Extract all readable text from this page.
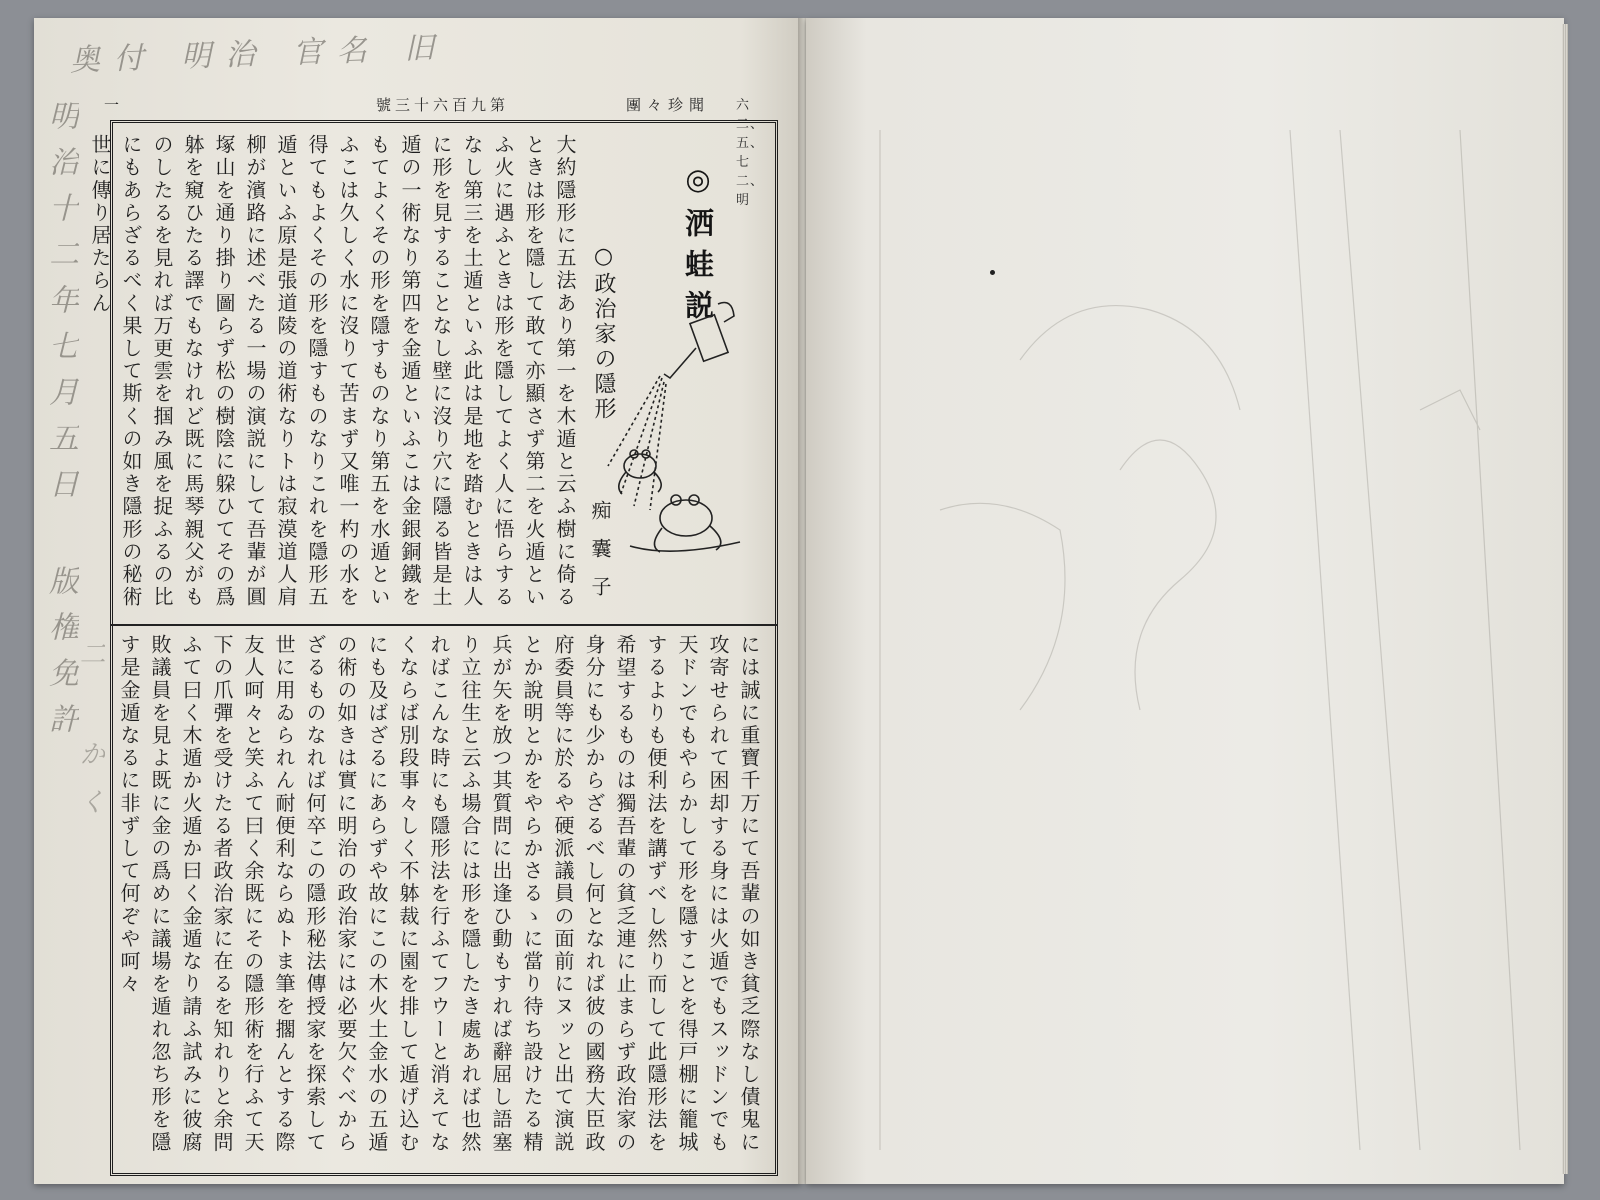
奥付 明治 官名 旧
明治十二年七月五日 版権免許
二 かく
一	號三十六百九第	團々珍聞 六二、五、七二、明
◎洒蛙説
○政治家の隱形
痴囊子
大約隱形に五法あり第一を木遁と云ふ樹に倚るときは形を隱して敢て亦顯さず第二を火遁といふ火に遇ふときは形を隱してよく人に悟らするなし第三を土遁といふ此は是地を踏むときは人に形を見することなし壁に沒り穴に隱る皆是土遁の一術なり第四を金遁といふこは金銀銅鐵をもてよくその形を隱すものなり第五を水遁といふこは久しく水に沒りて苦まず又唯一杓の水を得てもよくその形を隱すものなりこれを隱形五遁といふ原是張道陵の道術なりトは寂漠道人肩柳が濱路に述べたる一場の演説にして吾輩が圓塚山を通り掛り圖らず松の樹陰に躱ひてその爲躰を窺ひたる譯でもなけれど既に馬琴親父がものしたるを見れば万更雲を掴み風を捉ふるの比にもあらざるべく果して斯くの如き隱形の秘術世に傳り居たらん
には誠に重寶千万にて吾輩の如き貧乏際なし債鬼に攻寄せられて困却する身には火遁でもスッドンでも天ドンでもやらかして形を隱すことを得戸棚に籠城するよりも便利法を講ずべし然り而して此隱形法を希望するものは獨吾輩の貧乏連に止まらず政治家の身分にも少からざるべし何となれば彼の國務大臣政府委員等に於るや硬派議員の面前にヌッと出て演説とか說明とかをやらかさるゝに當り待ち設けたる精兵が矢を放つ其質問に出逢ひ動もすれば辭屈し語塞り立往生と云ふ場合には形を隱したき處あれば也然ればこんな時にも隱形法を行ふてフウーと消えてなくならば別段事々しく不躰裁に園を排して遁げ込むにも及ばざるにあらずや故にこの木火土金水の五遁の術の如きは實に明治の政治家には必要欠ぐべからざるものなれば何卒この隱形秘法傳授家を探索して世に用ゐられん耐便利ならぬトま筆を擱んとする際友人呵々と笑ふて曰く余既にその隱形術を行ふて天下の爪彈を受けたる者政治家に在るを知れりと余問ふて曰く木遁か火遁か曰く金遁なり請ふ試みに彼腐敗議員を見よ既に金の爲めに議場を遁れ忽ち形を隱す是金遁なるに非ずして何ぞや呵々
